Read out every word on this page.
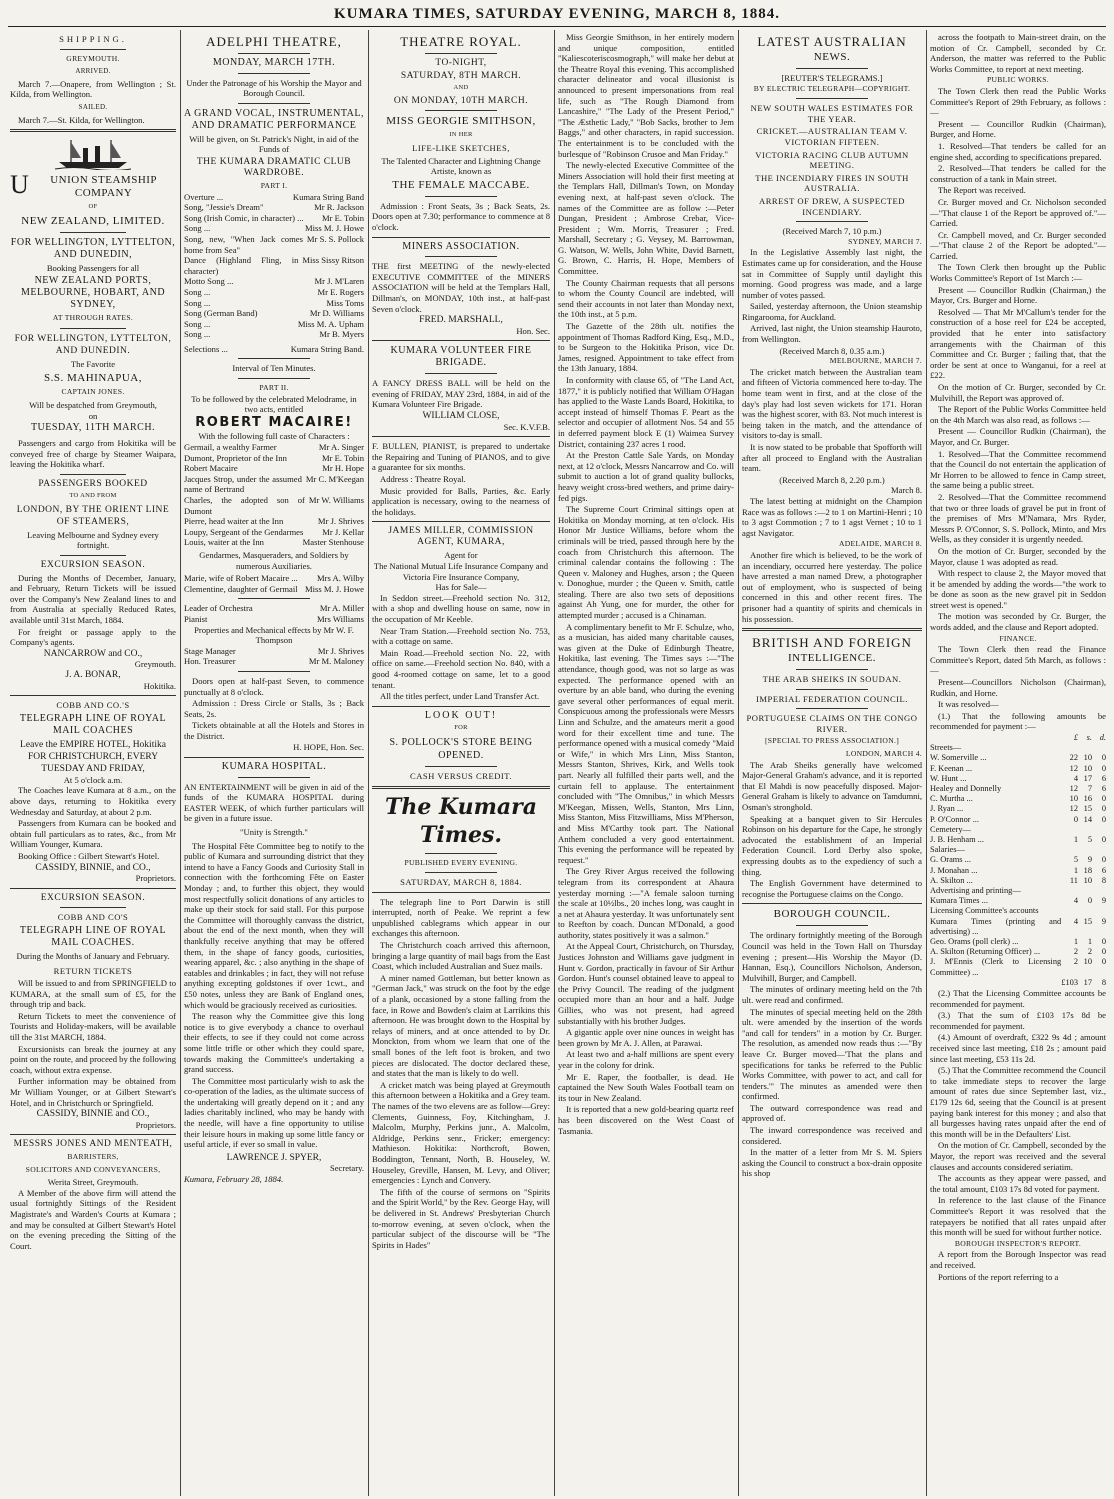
KUMARA TIMES, SATURDAY EVENING, MARCH 8, 1884.
SHIPPING.
GREYMOUTH.
ARRIVED.

March 7.—Onapere, from Wellington ; St. Kilda, from Wellington.

SAILED.

March 7.—St. Kilda, for Wellington.

U UNION STEAMSHIP COMPANY
OF
NEW ZEALAND, LIMITED.
FOR WELLINGTON, LYTTELTON, AND DUNEDIN,
Booking Passengers for all
NEW ZEALAND PORTS, MELBOURNE, HOBART, AND SYDNEY,
AT THROUGH RATES.
FOR WELLINGTON, LYTTELTON, AND DUNEDIN.
The Favorite
S.S. MAHINAPUA,
CAPTAIN JONES.
Will be despatched from Greymouth,
on
TUESDAY, 11TH MARCH.

Passengers and cargo from Hokitika will be conveyed free of charge by Steamer Waipara, leaving the Hokitika wharf.

PASSENGERS BOOKED
TO AND FROM
LONDON, BY THE ORIENT LINE OF STEAMERS,
Leaving Melbourne and Sydney every fortnight.
EXCURSION SEASON.

During the Months of December, January, and February, Return Tickets will be issued over the Company's New Zealand lines to and from Australia at specially Reduced Rates, available until 31st March, 1884.

For freight or passage apply to the Company's agents.

NANCARROW and CO.,
Greymouth.
J. A. BONAR,
Hokitika.
COBB AND CO.'S
TELEGRAPH LINE OF ROYAL MAIL COACHES
Leave the EMPIRE HOTEL, Hokitika FOR CHRISTCHURCH, EVERY TUESDAY AND FRIDAY,
At 5 o'clock a.m.

The Coaches leave Kumara at 8 a.m., on the above days, returning to Hokitika every Wednesday and Saturday, at about 2 p.m.

Passengers from Kumara can be booked and obtain full particulars as to rates, &c., from Mr William Younger, Kumara.

Booking Office : Gilbert Stewart's Hotel.

CASSIDY, BINNIE, and CO.,
Proprietors.
EXCURSION SEASON.
COBB AND CO'S
TELEGRAPH LINE OF ROYAL MAIL COACHES.
During the Months of January and February.
RETURN TICKETS

Will be issued to and from SPRINGFIELD to KUMARA, at the small sum of £5, for the through trip and back.

Return Tickets to meet the convenience of Tourists and Holiday-makers, will be available till the 31st MARCH, 1884.

Excursionists can break the journey at any point on the route, and proceed by the following coach, without extra expense.

Further information may be obtained from Mr William Younger, or at Gilbert Stewart's Hotel, and in Christchurch or Springfield.

CASSIDY, BINNIE and CO.,
Proprietors.
MESSRS JONES AND MENTEATH,
BARRISTERS,
SOLICITORS AND CONVEYANCERS,
Werita Street, Greymouth.

A Member of the above firm will attend the usual fortnightly Sittings of the Resident Magistrate's and Warden's Courts at Kumara ; and may be consulted at Gilbert Stewart's Hotel on the evening preceding the Sitting of the Court.

ADELPHI THEATRE,
MONDAY, MARCH 17TH.
Under the Patronage of his Worship the Mayor and Borough Council.
A GRAND VOCAL, INSTRUMENTAL, AND DRAMATIC PERFORMANCE
Will be given, on St. Patrick's Night, in aid of the Funds of
THE KUMARA DRAMATIC CLUB WARDROBE.
PART I.
Overture ...	Kumara String Band
Song, "Jessie's Dream"	Mr R. Jackson
Song (Irish Comic, in character) ...	Mr E. Tobin
Song ...	Miss M. J. Howe
Song, new, "When Jack comes home from Sea"
Mr S. S. Pollock
Dance (Highland Fling, in character)
Miss Sissy Ritson
Motto Song ...	Mr J. M'Laren
Song ...	Mr E. Rogers
Song ...	Miss Toms
Song (German Band)	Mr D. Williams
Song ...	Miss M. A. Upham
Song ...	Mr B. Myers
Selections ...	Kumara String Band.
Interval of Ten Minutes.
PART II.
To be followed by the celebrated Melodrame, in two acts, entitled
ROBERT MACAIRE!
With the following full caste of Characters :
Germail, a wealthy Farmer	Mr A. Singer
Dumont, Proprietor of the Inn	Mr E. Tobin
Robert Macaire	Mr H. Hope
Jacques Strop, under the assumed name of Bertrand
Mr C. M'Keegan
Charles, the adopted son of Dumont
Mr W. Williams
Pierre, head waiter at the Inn	Mr J. Shrives
Loupy, Sergeant of the Gendarmes	Mr J. Kellar
Louis, waiter at the Inn	Master Stenhouse
Gendarmes, Masqueraders, and Soldiers by numerous Auxiliaries.
Marie, wife of Robert Macaire ...	Mrs A. Wilby
Clementine, daughter of Germail Miss M. J. Howe
Leader of Orchestra	Mr A. Miller
Pianist	Mrs Williams
Properties and Mechanical effects by Mr W. F. Thompson
Stage Manager	Mr J. Shrives
Hon. Treasurer	Mr M. Maloney

Doors open at half-past Seven, to commence punctually at 8 o'clock.

Admission : Dress Circle or Stalls, 3s ; Back Seats, 2s.

Tickets obtainable at all the Hotels and Stores in the District.

H. HOPE, Hon. Sec.
KUMARA HOSPITAL.

AN ENTERTAINMENT will be given in aid of the funds of the KUMARA HOSPITAL during EASTER WEEK, of which further particulars will be given in a future issue.

"Unity is Strength."

The Hospital Fête Committee beg to notify to the public of Kumara and surrounding district that they intend to have a Fancy Goods and Curiosity Stall in connection with the forthcoming Fête on Easter Monday ; and, to further this object, they would most respectfully solicit donations of any articles to make up their stock for said stall. For this purpose the Committee will thoroughly canvass the district, about the end of the next month, when they will thankfully receive anything that may be offered them, in the shape of fancy goods, curiosities, wearing apparel, &c. ; also anything in the shape of eatables and drinkables ; in fact, they will not refuse anything excepting goldstones if over 1cwt., and £50 notes, unless they are Bank of England ones, which would be graciously received as curiosities.

The reason why the Committee give this long notice is to give everybody a chance to overhaul their effects, to see if they could not come across some little trifle or other which they could spare, towards making the Committee's undertaking a grand success.

The Committee most particularly wish to ask the co-operation of the ladies, as the ultimate success of the undertaking will greatly depend on it ; and any ladies charitably inclined, who may be handy with the needle, will have a fine opportunity to utilise their leisure hours in making up some little fancy or useful article, if ever so small in value.

LAWRENCE J. SPYER,
Secretary.
Kumara, February 28, 1884.
THEATRE ROYAL.
TO-NIGHT,
SATURDAY, 8TH MARCH.
AND
ON MONDAY, 10TH MARCH.
MISS GEORGIE SMITHSON,
IN HER
LIFE-LIKE SKETCHES,
The Talented Character and Lightning Change Artiste, known as
THE FEMALE MACCABE.

Admission : Front Seats, 3s ; Back Seats, 2s. Doors open at 7.30; performance to commence at 8 o'clock.

MINERS ASSOCIATION.

THE first MEETING of the newly-elected EXECUTIVE COMMITTEE of the MINERS ASSOCIATION will be held at the Templars Hall, Dillman's, on MONDAY, 10th inst., at half-past Seven o'clock.

FRED. MARSHALL,
Hon. Sec.
KUMARA VOLUNTEER FIRE BRIGADE.

A FANCY DRESS BALL will be held on the evening of FRIDAY, MAY 23rd, 1884, in aid of the Kumara Volunteer Fire Brigade.

WILLIAM CLOSE,
Sec. K.V.F.B.

F. BULLEN, PIANIST, is prepared to undertake the Repairing and Tuning of PIANOS, and to give a guarantee for six months.

Address : Theatre Royal.

Music provided for Balls, Parties, &c. Early application is necessary, owing to the nearness of the holidays.

JAMES MILLER, COMMISSION AGENT, KUMARA,
Agent for
The National Mutual Life Insurance Company and
Victoria Fire Insurance Company,
Has for Sale—

In Seddon street.—Freehold section No. 312, with a shop and dwelling house on same, now in the occupation of Mr Keeble.

Near Tram Station.—Freehold section No. 753, with a cottage on same.

Main Road.—Freehold section No. 22, with office on same.—Freehold section No. 840, with a good 4-roomed cottage on same, let to a good tenant.

All the titles perfect, under Land Transfer Act.

LOOK OUT!
FOR
S. POLLOCK'S STORE BEING OPENED.
CASH VERSUS CREDIT.
The Kumara Times.
PUBLISHED EVERY EVENING.
SATURDAY, MARCH 8, 1884.

The telegraph line to Port Darwin is still interrupted, north of Peake. We reprint a few unpublished cablegrams which appear in our exchanges this afternoon.

The Christchurch coach arrived this afternoon, bringing a large quantity of mail bags from the East Coast, which included Australian and Suez mails.

A miner named Gottleman, but better known as "German Jack," was struck on the foot by the edge of a plank, occasioned by a stone falling from the face, in Rowe and Bowden's claim at Larrikins this afternoon. He was brought down to the Hospital by relays of miners, and at once attended to by Dr. Monckton, from whom we learn that one of the small bones of the left foot is broken, and two pieces are dislocated. The doctor declared these, and states that the man is likely to do well.

A cricket match was being played at Greymouth this afternoon between a Hokitika and a Grey team. The names of the two elevens are as follow—Grey: Clements, Guinness, Foy, Kitchingham, J. Malcolm, Murphy, Perkins junr., A. Malcolm, Aldridge, Perkins senr., Fricker; emergency: Mathieson. Hokitika: Northcroft, Bowen, Boddington, Tennant, North, B. Houseley, W. Houseley, Greville, Hansen, M. Levy, and Oliver; emergencies : Lynch and Convery.

The fifth of the course of sermons on "Spirits and the Spirit World," by the Rev. George Hay, will be delivered in St. Andrews' Presbyterian Church to-morrow evening, at seven o'clock, when the particular subject of the discourse will be "The Spirits in Hades"

Miss Georgie Smithson, in her entirely modern and unique composition, entitled "Kaliescoteriscosmograph," will make her debut at the Theatre Royal this evening. This accomplished character delineator and vocal illusionist is announced to present impersonations from real life, such as "The Rough Diamond from Lancashire," "The Lady of the Present Period," "The Æsthetic Lady," "Bob Sacks, brother to Jem Baggs," and other characters, in rapid succession. The entertainment is to be concluded with the burlesque of "Robinson Crusoe and Man Friday."

The newly-elected Executive Committee of the Miners Association will hold their first meeting at the Templars Hall, Dillman's Town, on Monday evening next, at half-past seven o'clock. The names of the Committee are as follow :—Peter Dungan, President ; Ambrose Crebar, Vice-President ; Wm. Morris, Treasurer ; Fred. Marshall, Secretary ; G. Veysey, M. Barrowman, G. Watson, W. Wells, John White, David Barnett, G. Brown, C. Harris, H. Hope, Members of Committee.

The County Chairman requests that all persons to whom the County Council are indebted, will send their accounts in not later than Monday next, the 10th inst., at 5 p.m.

The Gazette of the 28th ult. notifies the appointment of Thomas Radford King, Esq., M.D., to be Surgeon to the Hokitika Prison, vice Dr. James, resigned. Appointment to take effect from the 13th January, 1884.

In conformity with clause 65, of "The Land Act, 1877," it is publicly notified that William O'Hagan has applied to the Waste Lands Board, Hokitika, to accept instead of himself Thomas F. Peart as the selector and occupier of allotment Nos. 54 and 55 in deferred payment block E (1) Waimea Survey District, containing 237 acres 1 rood.

At the Preston Cattle Sale Yards, on Monday next, at 12 o'clock, Messrs Nancarrow and Co. will submit to auction a lot of grand quality bullocks, heavy weight cross-bred wethers, and prime dairy-fed pigs.

The Supreme Court Criminal sittings open at Hokitika on Monday morning, at ten o'clock. His Honor Mr Justice Williams, before whom the criminals will be tried, passed through here by the coach from Christchurch this afternoon. The criminal calendar contains the following : The Queen v. Maloney and Hughes, arson ; the Queen v. Donoghue, murder ; the Queen v. Smith, cattle stealing. There are also two sets of depositions against Ah Yung, one for murder, the other for attempted murder ; accused is a Chinaman.

A complimentary benefit to Mr F. Schulze, who, as a musician, has aided many charitable causes, was given at the Duke of Edinburgh Theatre, Hokitika, last evening. The Times says :—"The attendance, though good, was not so large as was expected. The performance opened with an overture by an able band, who during the evening gave several other performances of equal merit. Conspicuous among the professionals were Messrs Linn and Schulze, and the amateurs merit a good word for their excellent time and tune. The performance opened with a musical comedy "Maid or Wife," in which Mrs Linn, Miss Stanton, Messrs Stanton, Shrives, Kirk, and Wells took part. Nearly all fulfilled their parts well, and the curtain fell to applause. The entertainment concluded with "The Omnibus," in which Messrs M'Keegan, Missen, Wells, Stanton, Mrs Linn, Miss Stanton, Miss Fitzwilliams, Miss M'Pherson, and Miss M'Carthy took part. The National Anthem concluded a very good entertainment. This evening the performance will be repeated by request."

The Grey River Argus received the following telegram from its correspondent at Ahaura yesterday morning :—"A female saloon turning the scale at 10½lbs., 20 inches long, was caught in a net at Ahaura yesterday. It was unfortunately sent to Reefton by coach. Duncan M'Donald, a good authority, states positively it was a salmon."

At the Appeal Court, Christchurch, on Thursday, Justices Johnston and Williams gave judgment in Hunt v. Gordon, practically in favour of Sir Arthur Gordon. Hunt's counsel obtained leave to appeal to the Privy Council. The reading of the judgment occupied more than an hour and a half. Judge Gillies, who was not present, had agreed substantially with his brother Judges.

A gigantic apple over nine ounces in weight has been grown by Mr A. J. Allen, at Parawai.

At least two and a-half millions are spent every year in the colony for drink.

Mr E. Raper, the footballer, is dead. He captained the New South Wales Football team on its tour in New Zealand.

It is reported that a new gold-bearing quartz reef has been discovered on the West Coast of Tasmania.

LATEST AUSTRALIAN
NEWS.
[REUTER'S TELEGRAMS.]
BY ELECTRIC TELEGRAPH—COPYRIGHT.
NEW SOUTH WALES ESTIMATES FOR THE YEAR.
CRICKET.—AUSTRALIAN TEAM V. VICTORIAN FIFTEEN.
VICTORIA RACING CLUB AUTUMN MEETING.
THE INCENDIARY FIRES IN SOUTH AUSTRALIA.
ARREST OF DREW, A SUSPECTED INCENDIARY.
(Received March 7, 10 p.m.)
SYDNEY, MARCH 7.

In the Legislative Assembly last night, the Estimates came up for consideration, and the House sat in Committee of Supply until daylight this morning. Good progress was made, and a large number of votes passed.

Sailed, yesterday afternoon, the Union steamship Ringarooma, for Auckland.

Arrived, last night, the Union steamship Hauroto, from Wellington.

(Received March 8, 0.35 a.m.)
MELBOURNE, MARCH 7.

The cricket match between the Australian team and fifteen of Victoria commenced here to-day. The home team went in first, and at the close of the day's play had lost seven wickets for 171. Horan was the highest scorer, with 83. Not much interest is being taken in the match, and the attendance of visitors to-day is small.

It is now stated to be probable that Spofforth will after all proceed to England with the Australian team.

(Received March 8, 2.20 p.m.)
March 8.

The latest betting at midnight on the Champion Race was as follows :—2 to 1 on Martini-Henri ; 10 to 3 agst Commotion ; 7 to 1 agst Vernet ; 10 to 1 agst Navigator.

ADELAIDE, MARCH 8.

Another fire which is believed, to be the work of an incendiary, occurred here yesterday. The police have arrested a man named Drew, a photographer out of employment, who is suspected of being concerned in this and other recent fires. The prisoner had a quantity of spirits and chemicals in his possession.

BRITISH AND FOREIGN
INTELLIGENCE.
THE ARAB SHEIKS IN SOUDAN.
IMPERIAL FEDERATION COUNCIL.
PORTUGUESE CLAIMS ON THE CONGO RIVER.
[SPECIAL TO PRESS ASSOCIATION.]
LONDON, MARCH 4.

The Arab Sheiks generally have welcomed Major-General Graham's advance, and it is reported that El Mahdi is now peacefully disposed. Major-General Graham is likely to advance on Tamdumni, Osman's stronghold.

Speaking at a banquet given to Sir Hercules Robinson on his departure for the Cape, he strongly advocated the establishment of an Imperial Federation Council. Lord Derby also spoke, expressing doubts as to the expediency of such a thing.

The English Government have determined to recognise the Portuguese claims on the Congo.

BOROUGH COUNCIL.

The ordinary fortnightly meeting of the Borough Council was held in the Town Hall on Thursday evening ; present—His Worship the Mayor (D. Hannan, Esq.), Councillors Nicholson, Anderson, Mulvihill, Burger, and Campbell.

The minutes of ordinary meeting held on the 7th ult. were read and confirmed.

The minutes of special meeting held on the 28th ult. were amended by the insertion of the words "and call for tenders" in a motion by Cr. Burger. The resolution, as amended now reads thus :—"By leave Cr. Burger moved—'That the plans and specifications for tanks be referred to the Public Works Committee, with power to act, and call for tenders.'" The minutes as amended were then confirmed.

The outward correspondence was read and approved of.

The inward correspondence was received and considered.

In the matter of a letter from Mr S. M. Spiers asking the Council to construct a box-drain opposite his shop

across the footpath to Main-street drain, on the motion of Cr. Campbell, seconded by Cr. Anderson, the matter was referred to the Public Works Committee, to report at next meeting.

PUBLIC WORKS.

The Town Clerk then read the Public Works Committee's Report of 29th February, as follows :—

Present — Councillor Rudkin (Chairman), Burger, and Horne.

1. Resolved—That tenders be called for an engine shed, according to specifications prepared.

2. Resolved—That tenders be called for the construction of a tank in Main street.

The Report was received.

Cr. Burger moved and Cr. Nicholson seconded—"That clause 1 of the Report be approved of."—Carried.

Cr. Campbell moved, and Cr. Burger seconded—"That clause 2 of the Report be adopted."—Carried.

The Town Clerk then brought up the Public Works Committee's Report of 1st March :—

Present — Councillor Rudkin (Chairman,) the Mayor, Crs. Burger and Horne.

Resolved — That Mr M'Callum's tender for the construction of a hose reel for £24 be accepted, provided that he enter into satisfactory arrangements with the Chairman of this Committee and Cr. Burger ; failing that, that the order be sent at once to Wanganui, for a reel at £22.

On the motion of Cr. Burger, seconded by Cr. Mulvihill, the Report was approved of.

The Report of the Public Works Committee held on the 4th March was also read, as follows :—

Present — Councillor Rudkin (Chairman), the Mayor, and Cr. Burger.

1. Resolved—That the Committee recommend that the Council do not entertain the application of Mr Horren to be allowed to fence in Camp street, the same being a public street.

2. Resolved—That the Committee recommend that two or three loads of gravel be put in front of the premises of Mrs M'Namara, Mrs Ryder, Messrs P. O'Connor, S. S. Pollock, Minto, and Mrs Wells, as they consider it is urgently needed.

On the motion of Cr. Burger, seconded by the Mayor, clause 1 was adopted as read.

With respect to clause 2, the Mayor moved that it be amended by adding the words—"the work to be done as soon as the new gravel pit in Seddon street west is opened."

The motion was seconded by Cr. Burger, the words added, and the clause and Report adopted.

FINANCE.

The Town Clerk then read the Finance Committee's Report, dated 5th March, as follows :—

Present—Councillors Nicholson (Chairman), Rudkin, and Horne.

It was resolved—

(1.) That the following amounts be recommended for payment :—

	£	s.	d.
Streets—			
W. Somerville ...	22	10	0
F. Keenan ...	12	10	0
W. Hunt ...	4	17	6
Healey and Donnelly	12	7	6
C. Murtha ...	10	16	0
J. Ryan ...	12	15	0
P. O'Connor ...	0	14	0
Cemetery—			
J. B. Henham ...	1	5	0
Salaries—			
G. Orams ...	5	9	0
J. Monahan ...	1	18	6
A. Skilton ...	11	10	8
Advertising and printing—			
Kumara Times ...	4	0	9
Licensing Committee's accounts			
Kumara Times (printing and advertising) ...	4	15	9
Geo. Orams (poll clerk) ...	1	1	0
A. Skilton (Returning Officer) ...	2	2	0
J. M'Ennis (Clerk to Licensing Committee) ...	2	10	0
	£103	17	8

(2.) That the Licensing Committee accounts be recommended for payment.

(3.) That the sum of £103 17s 8d be recommended for payment.

(4.) Amount of overdraft, £322 9s 4d ; amount received since last meeting, £18 2s ; amount paid since last meeting, £53 11s 2d.

(5.) That the Committee recommend the Council to take immediate steps to recover the large amount of rates due since September last, viz., £179 12s 6d, seeing that the Council is at present paying bank interest for this money ; and also that all burgesses having rates unpaid after the end of this month will be in the Defaulters' List.

On the motion of Cr. Campbell, seconded by the Mayor, the report was received and the several clauses and accounts considered seriatim.

The accounts as they appear were passed, and the total amount, £103 17s 8d voted for payment.

In reference to the last clause of the Finance Committee's Report it was resolved that the ratepayers be notified that all rates unpaid after this month will be sued for without further notice.

BOROUGH INSPECTOR'S REPORT.

A report from the Borough Inspector was read and received.

Portions of the report referring to a
